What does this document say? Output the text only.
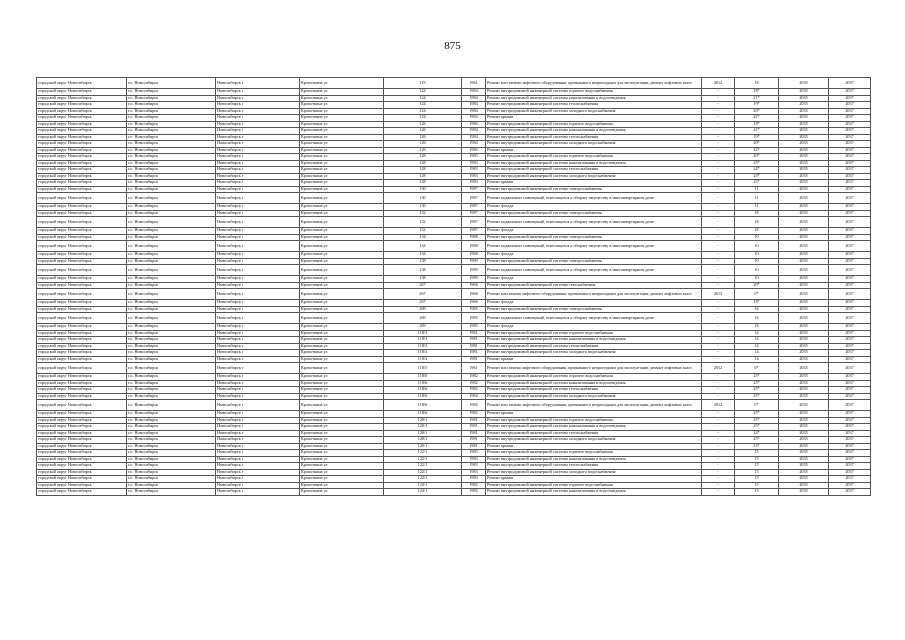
875
городской округ Новосибирск	г.о. Новосибирск	Новосибирск г	Кропоткина ул	119	1961	Ремонт или замена лифтового оборудования, признанного непригодным для эксплуатации, ремонт лифтовых шахт	2012	18	2035	2037
городской округ Новосибирск	г.о. Новосибирск	Новосибирск г	Кропоткина ул	124	1984	Ремонт внутридомовой инженерной системы горячего водоснабжения	-	18*	2035	2037
городской округ Новосибирск	г.о. Новосибирск	Новосибирск г	Кропоткина ул	124	1984	Ремонт внутридомовой инженерной системы канализования и водоотведения	-	21*	2035	2037
городской округ Новосибирск	г.о. Новосибирск	Новосибирск г	Кропоткина ул	124	1984	Ремонт внутридомовой инженерной системы теплоснабжения	-	19*	2035	2037
городской округ Новосибирск	г.о. Новосибирск	Новосибирск г	Кропоткина ул	124	1984	Ремонт внутридомовой инженерной системы холодного водоснабжения	-	20*	2035	2037
городской округ Новосибирск	г.о. Новосибирск	Новосибирск г	Кропоткина ул	124	1984	Ремонт крыши	-	22*	2035	2037
городской округ Новосибирск	г.о. Новосибирск	Новосибирск г	Кропоткина ул	126	1984	Ремонт внутридомовой инженерной системы горячего водоснабжения	-	18*	2035	2037
городской округ Новосибирск	г.о. Новосибирск	Новосибирск г	Кропоткина ул	126	1984	Ремонт внутридомовой инженерной системы канализования и водоотведения	-	21*	2035	2037
городской округ Новосибирск	г.о. Новосибирск	Новосибирск г	Кропоткина ул	126	1984	Ремонт внутридомовой инженерной системы теплоснабжения	-	19*	2035	2037
городской округ Новосибирск	г.о. Новосибирск	Новосибирск г	Кропоткина ул	126	1984	Ремонт внутридомовой инженерной системы холодного водоснабжения	-	20*	2035	2037
городской округ Новосибирск	г.о. Новосибирск	Новосибирск г	Кропоткина ул	126	1984	Ремонт крыши	-	22*	2035	2037
городской округ Новосибирск	г.о. Новосибирск	Новосибирск г	Кропоткина ул	128	1983	Ремонт внутридомовой инженерной системы горячего водоснабжения	-	20*	2035	2037
городской округ Новосибирск	г.о. Новосибирск	Новосибирск г	Кропоткина ул	128	1983	Ремонт внутридомовой инженерной системы канализования и водоотведения	-	25*	2035	2037
городской округ Новосибирск	г.о. Новосибирск	Новосибирск г	Кропоткина ул	128	1983	Ремонт внутридомовой инженерной системы теплоснабжения	-	24*	2035	2037
городской округ Новосибирск	г.о. Новосибирск	Новосибирск г	Кропоткина ул	128	1983	Ремонт внутридомовой инженерной системы холодного водоснабжения	-	23*	2035	2037
городской округ Новосибирск	г.о. Новосибирск	Новосибирск г	Кропоткина ул	128	1983	Ремонт крыши	-	25*	2035	2037
городской округ Новосибирск	г.о. Новосибирск	Новосибирск г	Кропоткина ул	130	1987	Ремонт внутридомовой инженерной системы электроснабжения	-	11	2035	2037
городской округ Новосибирск	г.о. Новосибирск	Новосибирск г	Кропоткина ул	130	1987	Ремонт подвальных помещений, относящихся к общему имуществу в многоквартирном доме	-	11	2035	2037
городской округ Новосибирск	г.о. Новосибирск	Новосибирск г	Кропоткина ул	130	1987	Ремонт фасада	-	11	2035	2037
городской округ Новосибирск	г.о. Новосибирск	Новосибирск г	Кропоткина ул	132	1987	Ремонт внутридомовой инженерной системы электроснабжения	-	18	2035	2037
городской округ Новосибирск	г.о. Новосибирск	Новосибирск г	Кропоткина ул	132	1987	Ремонт подвальных помещений, относящихся к общему имуществу в многоквартирном доме	-	18	2035	2037
городской округ Новосибирск	г.о. Новосибирск	Новосибирск г	Кропоткина ул	132	1987	Ремонт фасада	-	18	2035	2037
городской округ Новосибирск	г.о. Новосибирск	Новосибирск г	Кропоткина ул	134	1988	Ремонт внутридомовой инженерной системы электроснабжения	-	10	2035	2037
городской округ Новосибирск	г.о. Новосибирск	Новосибирск г	Кропоткина ул	134	1988	Ремонт подвальных помещений, относящихся к общему имуществу в многоквартирном доме	-	10	2035	2037
городской округ Новосибирск	г.о. Новосибирск	Новосибирск г	Кропоткина ул	134	1988	Ремонт фасада	-	10	2035	2037
городской округ Новосибирск	г.о. Новосибирск	Новосибирск г	Кропоткина ул	138	1989	Ремонт внутридомовой инженерной системы электроснабжения	-	10	2035	2037
городской округ Новосибирск	г.о. Новосибирск	Новосибирск г	Кропоткина ул	138	1989	Ремонт подвальных помещений, относящихся к общему имуществу в многоквартирном доме	-	10	2035	2037
городской округ Новосибирск	г.о. Новосибирск	Новосибирск г	Кропоткина ул	138	1989	Ремонт фасада	-	10	2035	2037
городской округ Новосибирск	г.о. Новосибирск	Новосибирск г	Кропоткина ул	267	1966	Ремонт внутридомовой инженерной системы газоснабжения	-	20*	2035	2037
городской округ Новосибирск	г.о. Новосибирск	Новосибирск г	Кропоткина ул	267	1966	Ремонт или замена лифтового оборудования, признанного непригодным для эксплуатации, ремонт лифтовых шахт	2012	0*	2035	2037
городской округ Новосибирск	г.о. Новосибирск	Новосибирск г	Кропоткина ул	267	1966	Ремонт фасада	-	18*	2035	2037
городской округ Новосибирск	г.о. Новосибирск	Новосибирск г	Кропоткина ул	269	1985	Ремонт внутридомовой инженерной системы электроснабжения	-	16	2035	2037
городской округ Новосибирск	г.о. Новосибирск	Новосибирск г	Кропоткина ул	269	1985	Ремонт подвальных помещений, относящихся к общему имуществу в многоквартирном доме	-	16	2035	2037
городской округ Новосибирск	г.о. Новосибирск	Новосибирск г	Кропоткина ул	269	1985	Ремонт фасада	-	16	2035	2037
городской округ Новосибирск	г.о. Новосибирск	Новосибирск г	Кропоткина ул	118/3	1981	Ремонт внутридомовой инженерной системы горячего водоснабжения	-	14	2035	2037
городской округ Новосибирск	г.о. Новосибирск	Новосибирск г	Кропоткина ул	118/3	1981	Ремонт внутридомовой инженерной системы канализования и водоотведения	-	14	2035	2037
городской округ Новосибирск	г.о. Новосибирск	Новосибирск г	Кропоткина ул	118/3	1981	Ремонт внутридомовой инженерной системы теплоснабжения	-	14	2035	2037
городской округ Новосибирск	г.о. Новосибирск	Новосибирск г	Кропоткина ул	118/3	1981	Ремонт внутридомовой инженерной системы холодного водоснабжения	-	14	2035	2037
городской округ Новосибирск	г.о. Новосибирск	Новосибирск г	Кропоткина ул	118/3	1981	Ремонт крыши	-	14	2035	2037
городской округ Новосибирск	г.о. Новосибирск	Новосибирск г	Кропоткина ул	118/5	1961	Ремонт или замена лифтового оборудования, признанного непригодным для эксплуатации, ремонт лифтовых шахт	2012	0*	2035	2037
городской округ Новосибирск	г.о. Новосибирск	Новосибирск г	Кропоткина ул	118/6	1982	Ремонт внутридомовой инженерной системы горячего водоснабжения	-	25*	2035	2037
городской округ Новосибирск	г.о. Новосибирск	Новосибирск г	Кропоткина ул	118/6	1982	Ремонт внутридомовой инженерной системы канализования и водоотведения	-	25*	2035	2037
городской округ Новосибирск	г.о. Новосибирск	Новосибирск г	Кропоткина ул	118/6	1982	Ремонт внутридомовой инженерной системы теплоснабжения	-	25*	2035	2037
городской округ Новосибирск	г.о. Новосибирск	Новосибирск г	Кропоткина ул	118/6	1982	Ремонт внутридомовой инженерной системы холодного водоснабжения	-	25*	2035	2037
городской округ Новосибирск	г.о. Новосибирск	Новосибирск г	Кропоткина ул	118/6	1982	Ремонт или замена лифтового оборудования, признанного непригодным для эксплуатации, ремонт лифтовых шахт	2012	0*	2035	2037
городской округ Новосибирск	г.о. Новосибирск	Новосибирск г	Кропоткина ул	118/6	1982	Ремонт крыши	-	25*	2035	2037
городской округ Новосибирск	г.о. Новосибирск	Новосибирск г	Кропоткина ул	120/1	1981	Ремонт внутридомовой инженерной системы горячего водоснабжения	-	25*	2035	2037
городской округ Новосибирск	г.о. Новосибирск	Новосибирск г	Кропоткина ул	120/1	1981	Ремонт внутридомовой инженерной системы канализования и водоотведения	-	25*	2035	2037
городской округ Новосибирск	г.о. Новосибирск	Новосибирск г	Кропоткина ул	120/1	1981	Ремонт внутридомовой инженерной системы теплоснабжения	-	24*	2035	2037
городской округ Новосибирск	г.о. Новосибирск	Новосибирск г	Кропоткина ул	120/1	1981	Ремонт внутридомовой инженерной системы холодного водоснабжения	-	25*	2035	2037
городской округ Новосибирск	г.о. Новосибирск	Новосибирск г	Кропоткина ул	120/1	1981	Ремонт крыши	-	25*	2035	2037
городской округ Новосибирск	г.о. Новосибирск	Новосибирск г	Кропоткина ул	122/1	1983	Ремонт внутридомовой инженерной системы горячего водоснабжения	-	15	2035	2037
городской округ Новосибирск	г.о. Новосибирск	Новосибирск г	Кропоткина ул	122/1	1983	Ремонт внутридомовой инженерной системы канализования и водоотведения	-	15	2035	2037
городской округ Новосибирск	г.о. Новосибирск	Новосибирск г	Кропоткина ул	122/1	1983	Ремонт внутридомовой инженерной системы теплоснабжения	-	15	2035	2037
городской округ Новосибирск	г.о. Новосибирск	Новосибирск г	Кропоткина ул	122/1	1983	Ремонт внутридомовой инженерной системы холодного водоснабжения	-	15	2035	2037
городской округ Новосибирск	г.о. Новосибирск	Новосибирск г	Кропоткина ул	122/1	1983	Ремонт крыши	-	15	2035	2037
городской округ Новосибирск	г.о. Новосибирск	Новосибирск г	Кропоткина ул	124/1	1982	Ремонт внутридомовой инженерной системы горячего водоснабжения	-	15	2035	2037
городской округ Новосибирск	г.о. Новосибирск	Новосибирск г	Кропоткина ул	124/1	1982	Ремонт внутридомовой инженерной системы канализования и водоотведения	-	15	2035	2037
